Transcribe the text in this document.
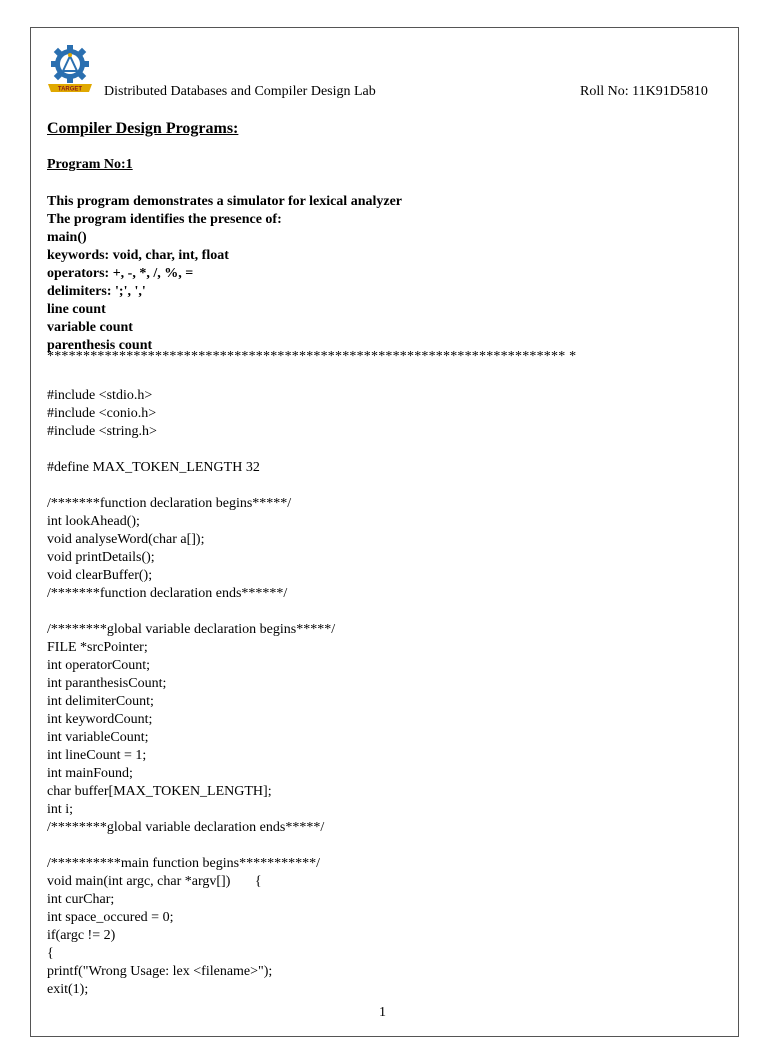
TARGET Distributed Databases and Compiler Design Lab	Roll No: 11K91D5810
Compiler Design Programs:
Program No:1
This program demonstrates a simulator for lexical analyzer
The program identifies the presence of:
main()
keywords: void, char, int, float
operators: +, -, *, /, %, =
delimiters: ';', ','
line count
variable count
parenthesis count
************************************************************************ *
#include <stdio.h>
#include <conio.h>
#include <string.h>
#define MAX_TOKEN_LENGTH 32
/*******function declaration begins*****/
int lookAhead();
void analyseWord(char a[]);
void printDetails();
void clearBuffer();
/*******function declaration ends******/
/********global variable declaration begins*****/
FILE *srcPointer;
int operatorCount;
int paranthesisCount;
int delimiterCount;
int keywordCount;
int variableCount;
int lineCount = 1;
int mainFound;
char buffer[MAX_TOKEN_LENGTH];
int i;
/********global variable declaration ends*****/
/**********main function begins***********/
void main(int argc, char *argv[])       {
int curChar;
int space_occured = 0;
if(argc != 2)
{
printf("Wrong Usage: lex <filename>");
exit(1);
1
